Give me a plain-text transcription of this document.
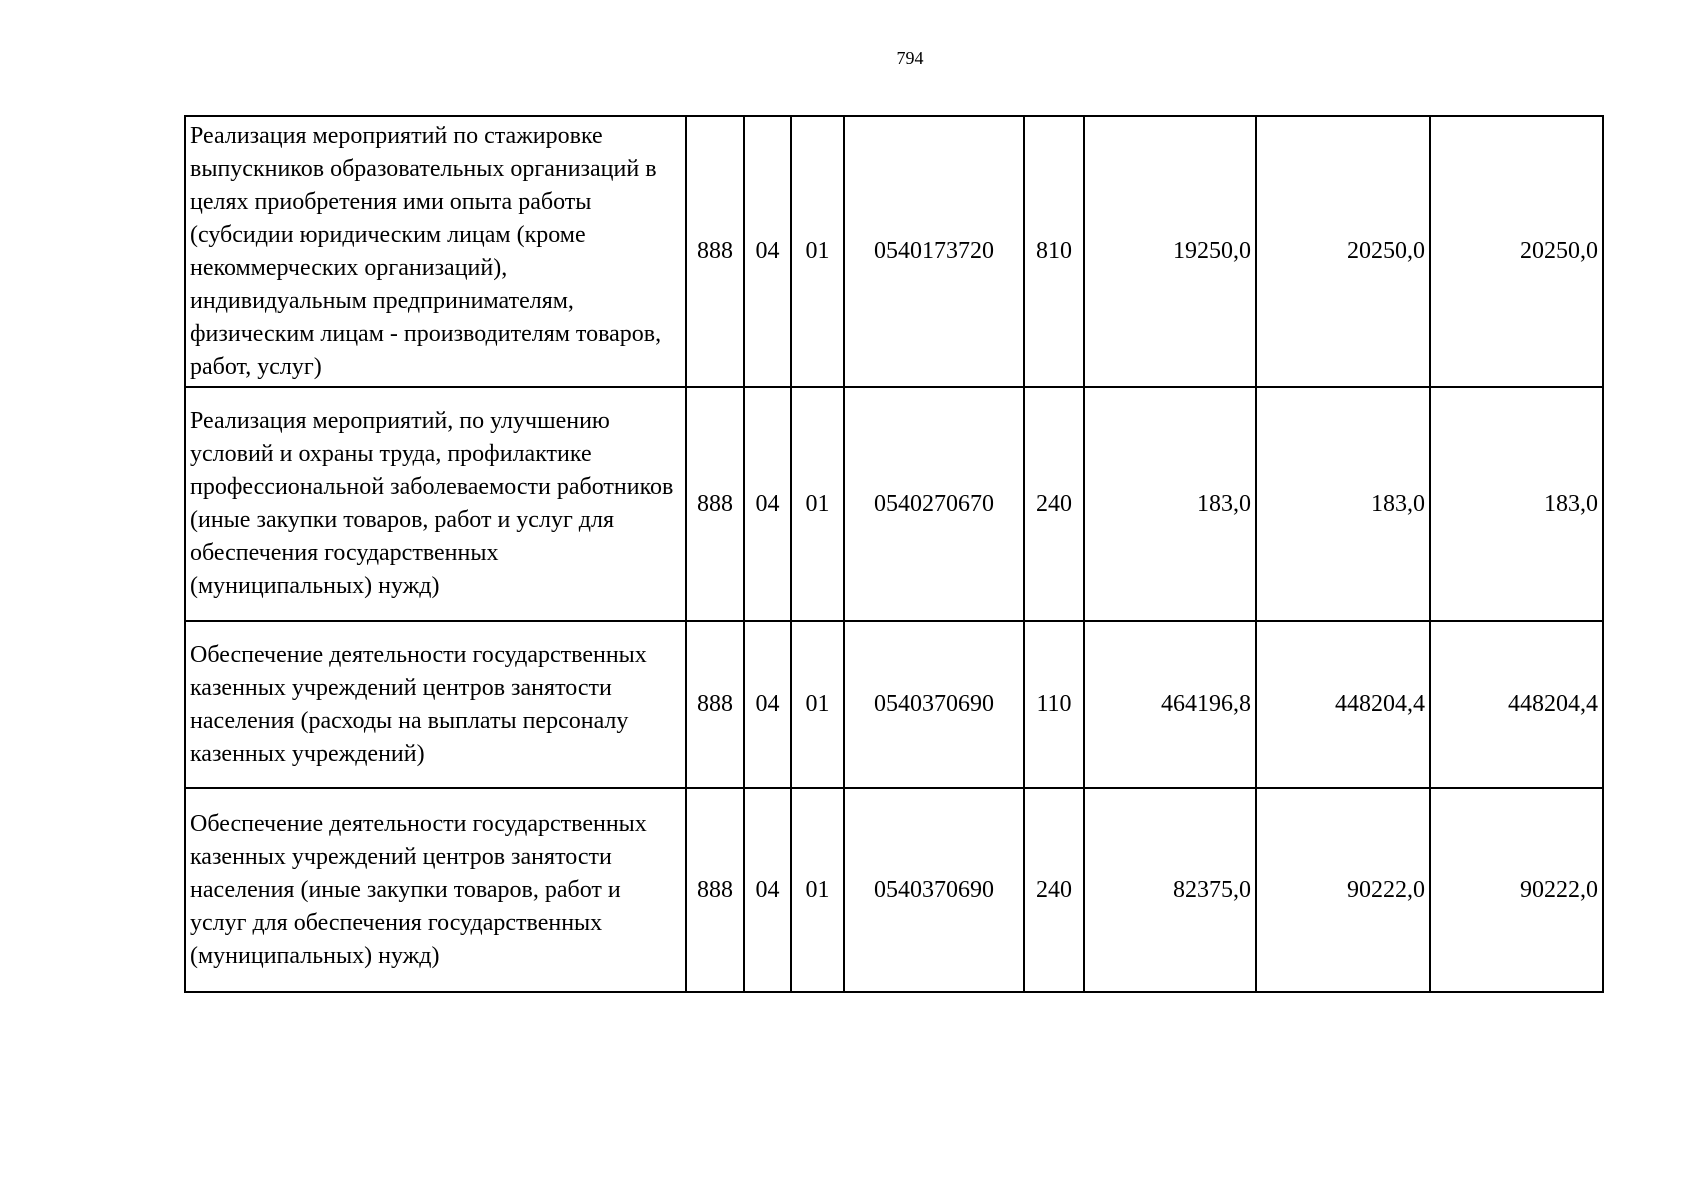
794
Реализация мероприятий по стажировке выпускников образовательных организаций в целях приобретения ими опыта работы (субсидии юридическим лицам (кроме некоммерческих организаций), индивидуальным предпринимателям, физическим лицам - производителям товаров, работ, услуг)	888	04	01	0540173720	810	19250,0	20250,0	20250,0
Реализация мероприятий, по улучшению условий и охраны труда, профилактике профессиональной заболеваемости работников (иные закупки товаров, работ и услуг для обеспечения государственных (муниципальных) нужд)	888	04	01	0540270670	240	183,0	183,0	183,0
Обеспечение деятельности государственных казенных учреждений центров занятости населения (расходы на выплаты персоналу казенных учреждений)	888	04	01	0540370690	110	464196,8	448204,4	448204,4
Обеспечение деятельности государственных казенных учреждений центров занятости населения (иные закупки товаров, работ и услуг для обеспечения государственных (муниципальных) нужд)	888	04	01	0540370690	240	82375,0	90222,0	90222,0
